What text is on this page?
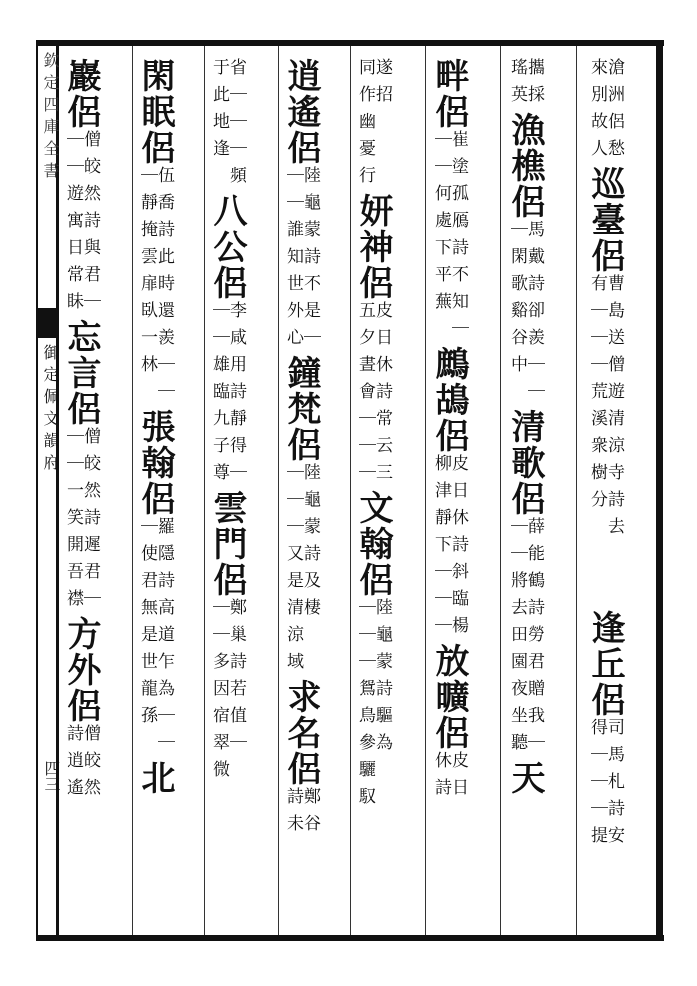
欽定四庫全書
御定佩文韻府
四三
滄洲侶愁
來別故人
巡臺侶
曹島送僧遊清涼寺詩去
有｜｜｜荒溪衆樹分
逢丘侶
司馬札詩安
得｜｜｜提
攜採
瑤英
漁樵侶
馬戴詩卻羨｜｜
｜閑歌谿谷中
清歌侶
薛能鶴詩勞君贈我｜
｜｜將去田園夜坐聽
天
畔侶
崔塗孤鴈詩不知｜
｜｜何處下平蕪
鷓鴣侶
皮日休詩斜臨楊
柳津靜下｜｜｜
放曠侶
皮日
休詩
遂招
同作幽憂行
妍神侶
皮日休詩常云三
五夕晝會｜｜｜
文翰侶
陸龜蒙詩驅為
｜｜｜鴛鳥參驪馭
逍遙侶
陸龜蒙詩不是｜
｜｜誰知世外心
鐘梵侶
陸龜蒙詩及棲
｜｜｜又是清涼域
求名侶
鄭谷
詩未
省｜｜｜頻
于此地逢
八公侶
李咸用詩靜得｜
｜｜雄臨九子尊
雲門侶
鄭巢詩若值｜
｜｜多因宿翠微
閑眠侶
伍喬詩此時還羨｜｜
｜靜掩雲扉臥一林
張翰侶
羅隱詩高道乍為｜｜
｜使君無是世龍孫
北
巖侶
僧皎然詩與君｜
｜｜遊寓日常眛
忘言侶
僧皎然詩遲君｜
｜｜一笑開吾襟
方外侶
僧皎然
詩逍遙
